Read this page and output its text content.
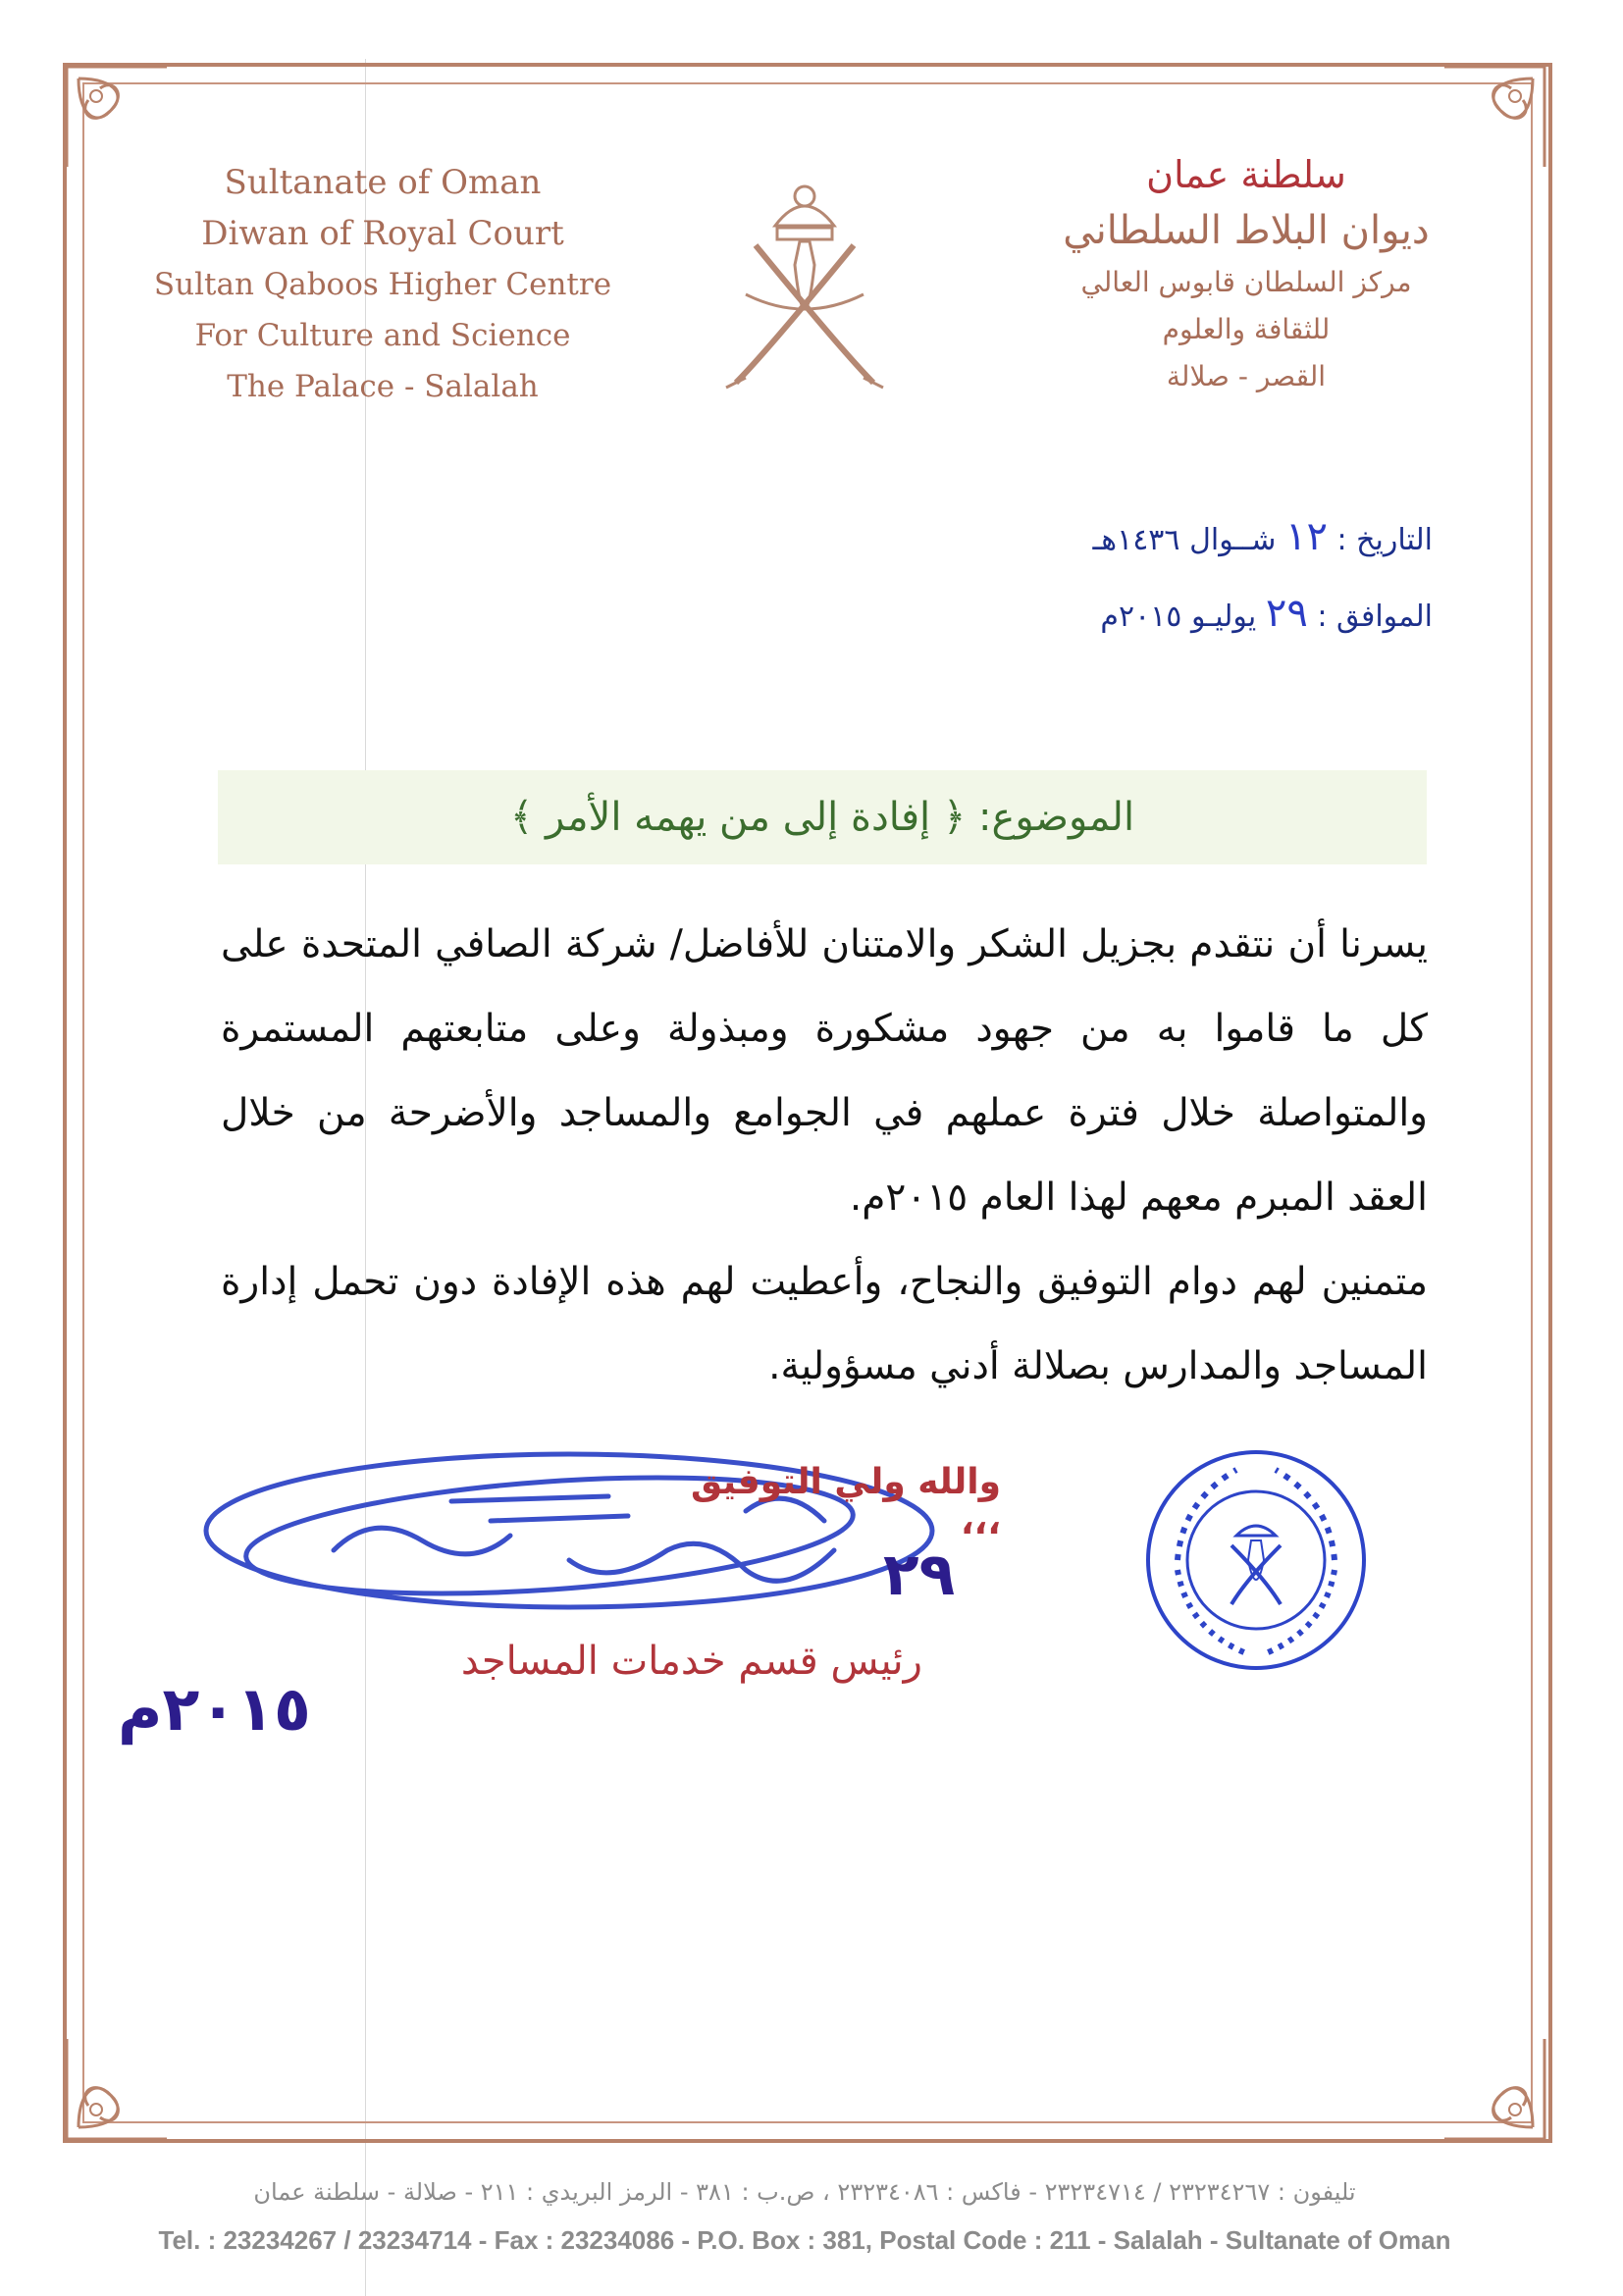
Sultanate of Oman
Diwan of Royal Court
Sultan Qaboos Higher Centre
For Culture and Science
The Palace - Salalah
سلطنة عمان
ديوان البلاط السلطاني
مركز السلطان قابوس العالي
للثقافة والعلوم
القصر - صلالة
التاريخ : ١٢ شــوال ١٤٣٦هـ
الموافق : ٢٩ يوليـو ٢٠١٥م
الموضوع: ﴿ إفادة إلى من يهمه الأمر ﴾

يسرنا أن نتقدم بجزيل الشكر والامتنان للأفاضل/ شركة الصافي المتحدة على كل ما قاموا به من جهود مشكورة ومبذولة وعلى متابعتهم المستمرة والمتواصلة خلال فترة عملهم في الجوامع والمساجد والأضرحة من خلال العقد المبرم معهم لهذا العام ٢٠١٥م.

متمنين لهم دوام التوفيق والنجاح، وأعطيت لهم هذه الإفادة دون تحمل إدارة المساجد والمدارس بصلالة أدني مسؤولية.

والله ولي التوفيق ،،،
٢٩
رئيس قسم خدمات المساجد
٢٠١٥م
تليفون : ٢٣٢٣٤٢٦٧ / ٢٣٢٣٤٧١٤ - فاكس : ٢٣٢٣٤٠٨٦ ، ص.ب : ٣٨١ - الرمز البريدي : ٢١١ - صلالة - سلطنة عمان
Tel. : 23234267 / 23234714 - Fax : 23234086 - P.O. Box : 381, Postal Code : 211 - Salalah - Sultanate of Oman
